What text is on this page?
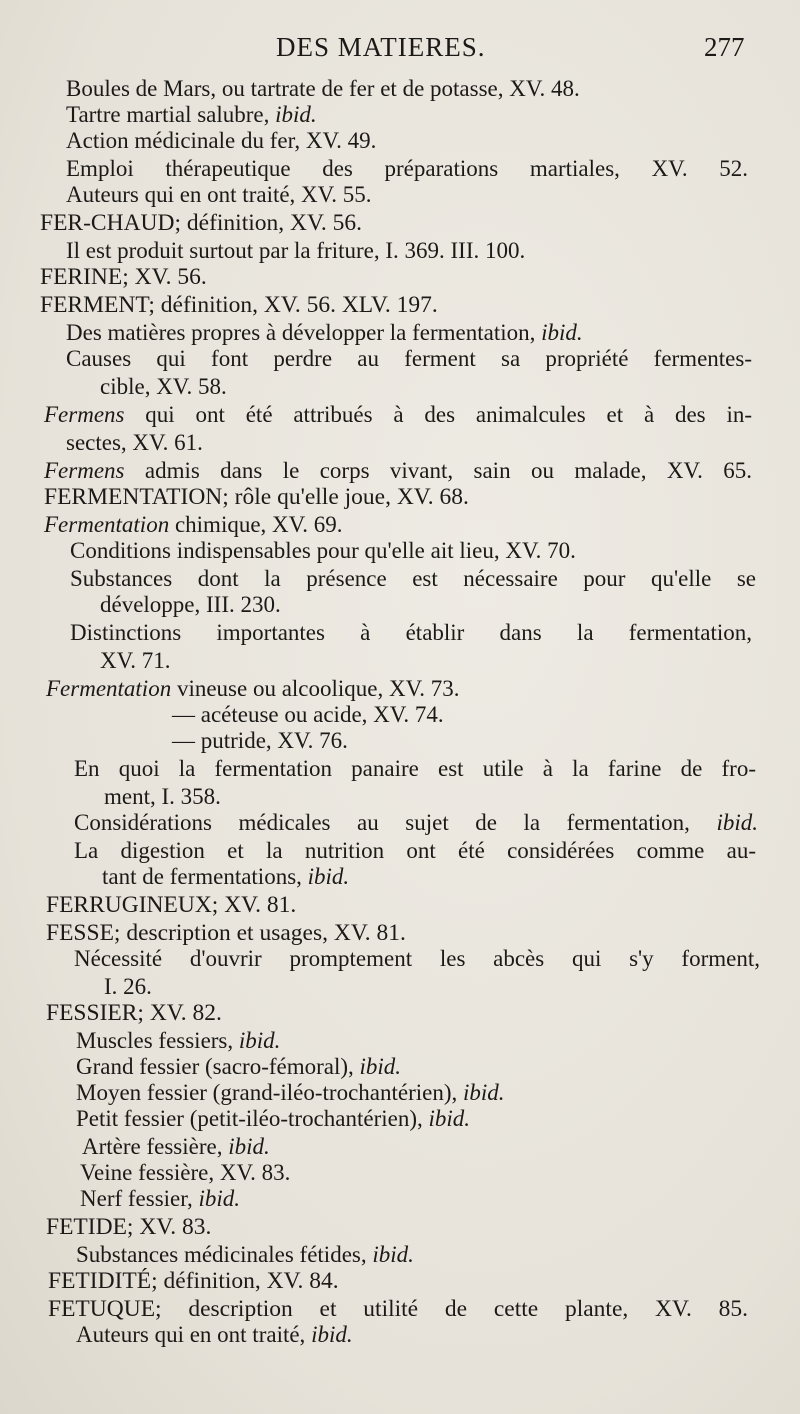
DES MATIERES.	277
Boules de Mars, ou tartrate de fer et de potasse, XV. 48.
Tartre martial salubre, ibid.
Action médicinale du fer, XV. 49.
Emploi thérapeutique des préparations martiales, XV. 52.
Auteurs qui en ont traité, XV. 55.
FER-CHAUD; définition, XV. 56.
Il est produit surtout par la friture, I. 369. III. 100.
FERINE; XV. 56.
FERMENT; définition, XV. 56. XLV. 197.
Des matières propres à développer la fermentation, ibid.
Causes qui font perdre au ferment sa propriété fermentes-
cible, XV. 58.
Fermens qui ont été attribués à des animalcules et à des in-
sectes, XV. 61.
Fermens admis dans le corps vivant, sain ou malade, XV. 65.
FERMENTATION; rôle qu'elle joue, XV. 68.
Fermentation chimique, XV. 69.
Conditions indispensables pour qu'elle ait lieu, XV. 70.
Substances dont la présence est nécessaire pour qu'elle se
développe, III. 230.
Distinctions importantes à établir dans la fermentation,
XV. 71.
Fermentation vineuse ou alcoolique, XV. 73.
— acéteuse ou acide, XV. 74.
— putride, XV. 76.
En quoi la fermentation panaire est utile à la farine de fro-
ment, I. 358.
Considérations médicales au sujet de la fermentation, ibid.
La digestion et la nutrition ont été considérées comme au-
tant de fermentations, ibid.
FERRUGINEUX; XV. 81.
FESSE; description et usages, XV. 81.
Nécessité d'ouvrir promptement les abcès qui s'y forment,
I. 26.
FESSIER; XV. 82.
Muscles fessiers, ibid.
Grand fessier (sacro-fémoral), ibid.
Moyen fessier (grand-iléo-trochantérien), ibid.
Petit fessier (petit-iléo-trochantérien), ibid.
Artère fessière, ibid.
Veine fessière, XV. 83.
Nerf fessier, ibid.
FETIDE; XV. 83.
Substances médicinales fétides, ibid.
FETIDITÉ; définition, XV. 84.
FETUQUE; description et utilité de cette plante, XV. 85.
Auteurs qui en ont traité, ibid.
